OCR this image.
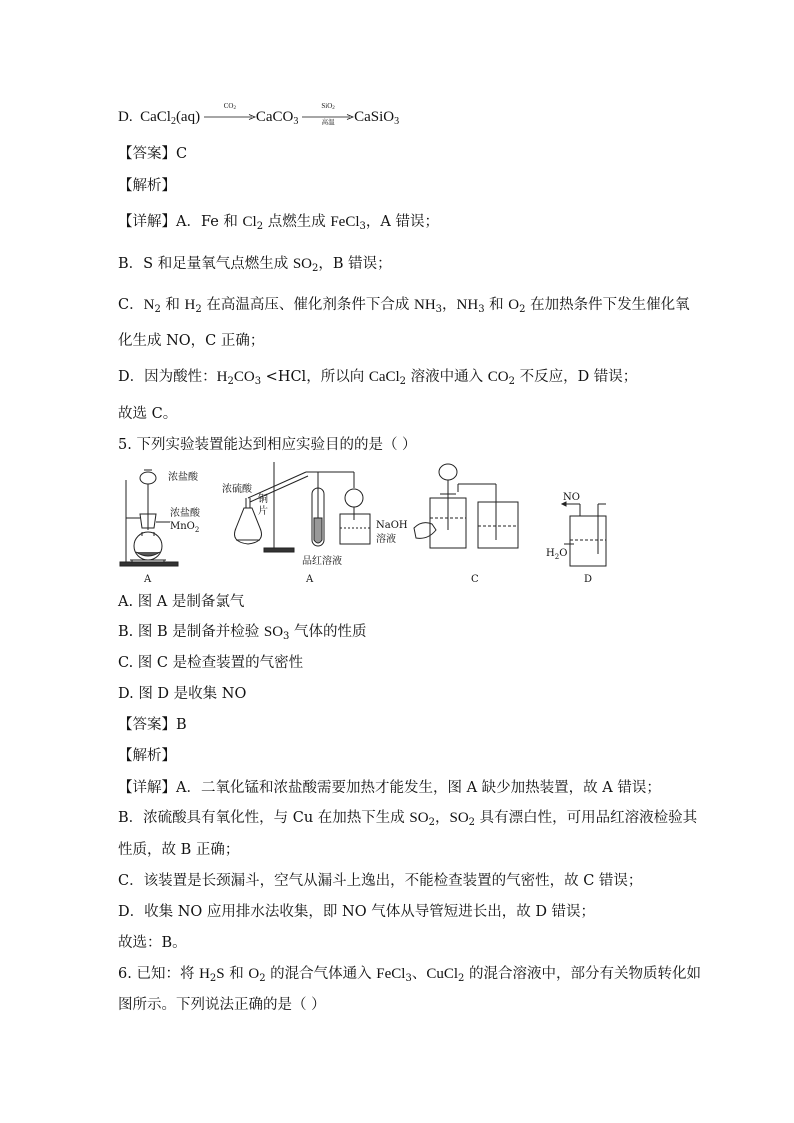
D. CaCl$_2$(aq)
$CO_2$
CaCO$_3$
SiO$_2$
高温	CaSiO$_3$
【答案】C
【解析】
【详解】A．Fe 和 $Cl_2$ 点燃生成 FeCl$_3$，A 错误；
B．S 和足量氧气点燃生成 $SO_2$，B 错误；
C．$N_2$ 和 $H_2$ 在高温高压、催化剂条件下合成 $NH_3$，$NH_3$ 和 $O_2$ 在加热条件下发生催化氧
化生成 NO，C 正确；
D．因为酸性：$H_2CO_3 <HCl$，所以向 CaCl$_2$ 溶液中通入 $CO_2$ 不反应，D 错误；
故选 C。
5. 下列实验装置能达到相应实验目的的是（ ）
浓盐酸
浓盐酸
MnO$_2$
A
浓硫酸
铜
片
NaOH
溶液
品红溶液
A	C
NO
$H_2O$
D
A. 图 A 是制备氯气
B. 图 B 是制备并检验 $SO_3$ 气体的性质
C. 图 C 是检查装置的气密性
D. 图 D 是收集 NO
【答案】B
【解析】
【详解】A．二氧化锰和浓盐酸需要加热才能发生，图 A 缺少加热装置，故 A 错误；
B．浓硫酸具有氧化性，与 Cu 在加热下生成 $SO_2$，$SO_2$ 具有漂白性，可用品红溶液检验其
性质，故 B 正确；
C．该装置是长颈漏斗，空气从漏斗上逸出，不能检查装置的气密性，故 C 错误；
D．收集 NO 应用排水法收集，即 NO 气体从导管短进长出，故 D 错误；
故选：B。
6. 已知：将 $H_2S$ 和 $O_2$ 的混合气体通入 FeCl$_3$、CuCl$_2$ 的混合溶液中，部分有关物质转化如
图所示。下列说法正确的是（ ）
